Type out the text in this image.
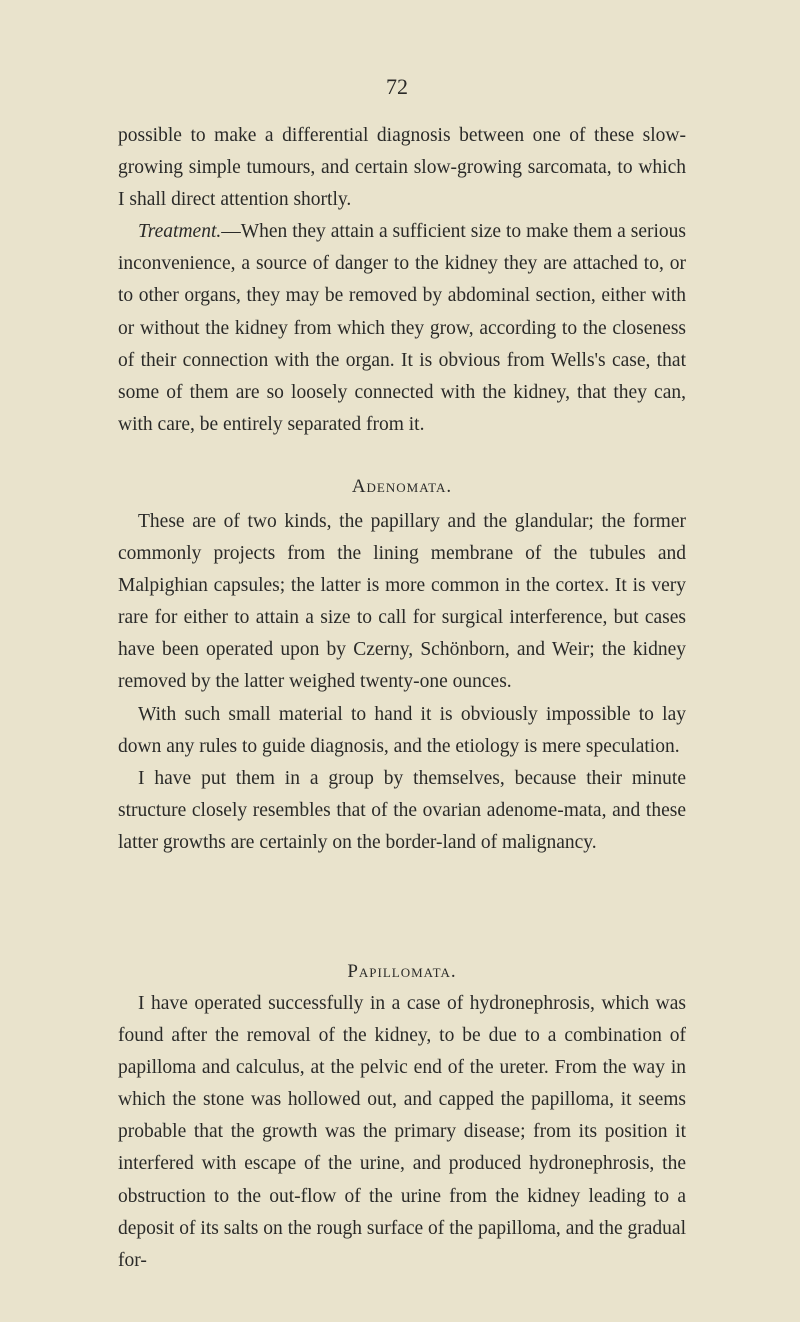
72

possible to make a differential diagnosis between one of these slow-growing simple tumours, and certain slow-growing sarcomata, to which I shall direct attention shortly.

Treatment.—When they attain a sufficient size to make them a serious inconvenience, a source of danger to the kidney they are attached to, or to other organs, they may be removed by abdominal section, either with or without the kidney from which they grow, according to the closeness of their connection with the organ. It is obvious from Wells's case, that some of them are so loosely connected with the kidney, that they can, with care, be entirely separated from it.

Adenomata.

These are of two kinds, the papillary and the glandular; the former commonly projects from the lining membrane of the tubules and Malpighian capsules; the latter is more common in the cortex. It is very rare for either to attain a size to call for surgical interference, but cases have been operated upon by Czerny, Schönborn, and Weir; the kidney removed by the latter weighed twenty-one ounces.

With such small material to hand it is obviously impossible to lay down any rules to guide diagnosis, and the etiology is mere speculation.

I have put them in a group by themselves, because their minute structure closely resembles that of the ovarian adenome-mata, and these latter growths are certainly on the border-land of malignancy.

Papillomata.

I have operated successfully in a case of hydronephrosis, which was found after the removal of the kidney, to be due to a combination of papilloma and calculus, at the pelvic end of the ureter. From the way in which the stone was hollowed out, and capped the papilloma, it seems probable that the growth was the primary disease; from its position it interfered with escape of the urine, and produced hydronephrosis, the obstruction to the out-flow of the urine from the kidney leading to a deposit of its salts on the rough surface of the papilloma, and the gradual for-
